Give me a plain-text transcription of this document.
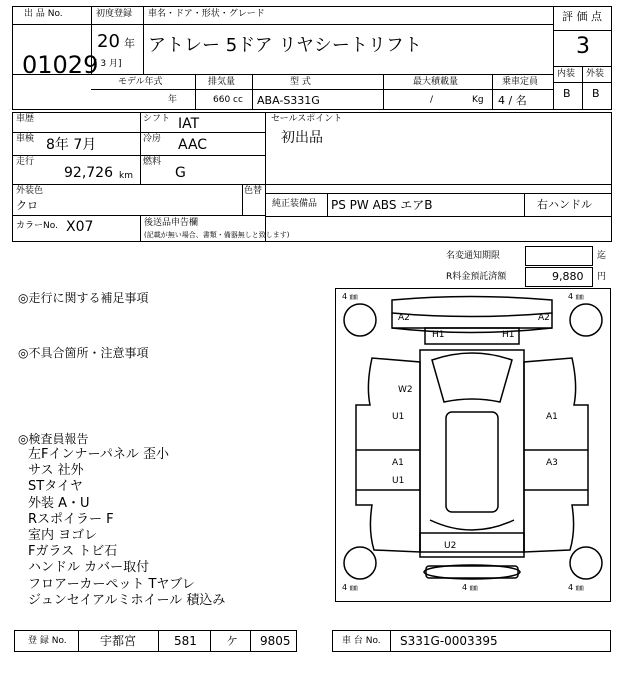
出 品 No.
01029
初度登録
20 年
[ 3 月]
車名・ドア・形状・グレード
アトレー 5ドア リヤシートリフト
評 価 点
3
内装 外装
B B
モデル年式
年
排気量
660 cc
型 式
ABA-S331G
最大積載量
/	Kg
乗車定員
4 / 名
車歴	シフト IAT
車検 8年 7月	冷房 AAC
走行
92,726 km
燃料
G
セールスポイント
初出品
外装色
クロ
色替
純正装備品 PS PW ABS エアB	右ハンドル
カラーNo. X07	後送品申告欄
(記載が無い場合、書類・備器無しと致します)
名変通知期限	迄
R料金預託済額	9,880 円
◎走行に関する補足事項
◎不具合箇所・注意事項
◎検査員報告
左Fインナーパネル 歪小
サス 社外
STタイヤ
外装 A・U
Rスポイラー F
室内 ヨゴレ
Fガラス トビ石
ハンドル カバー取付
フロアーカーペット Tヤブレ
ジュンセイアルミホイール 積込み
4 ㎜	4 ㎜
4 ㎜	4 ㎜
4 ㎜
A2	A2
H1	H1
W2
U1	A1
A1
U1
A3
U2
登 録 No.	宇都宮	581 ケ 9805	車 台 No. S331G-0003395
